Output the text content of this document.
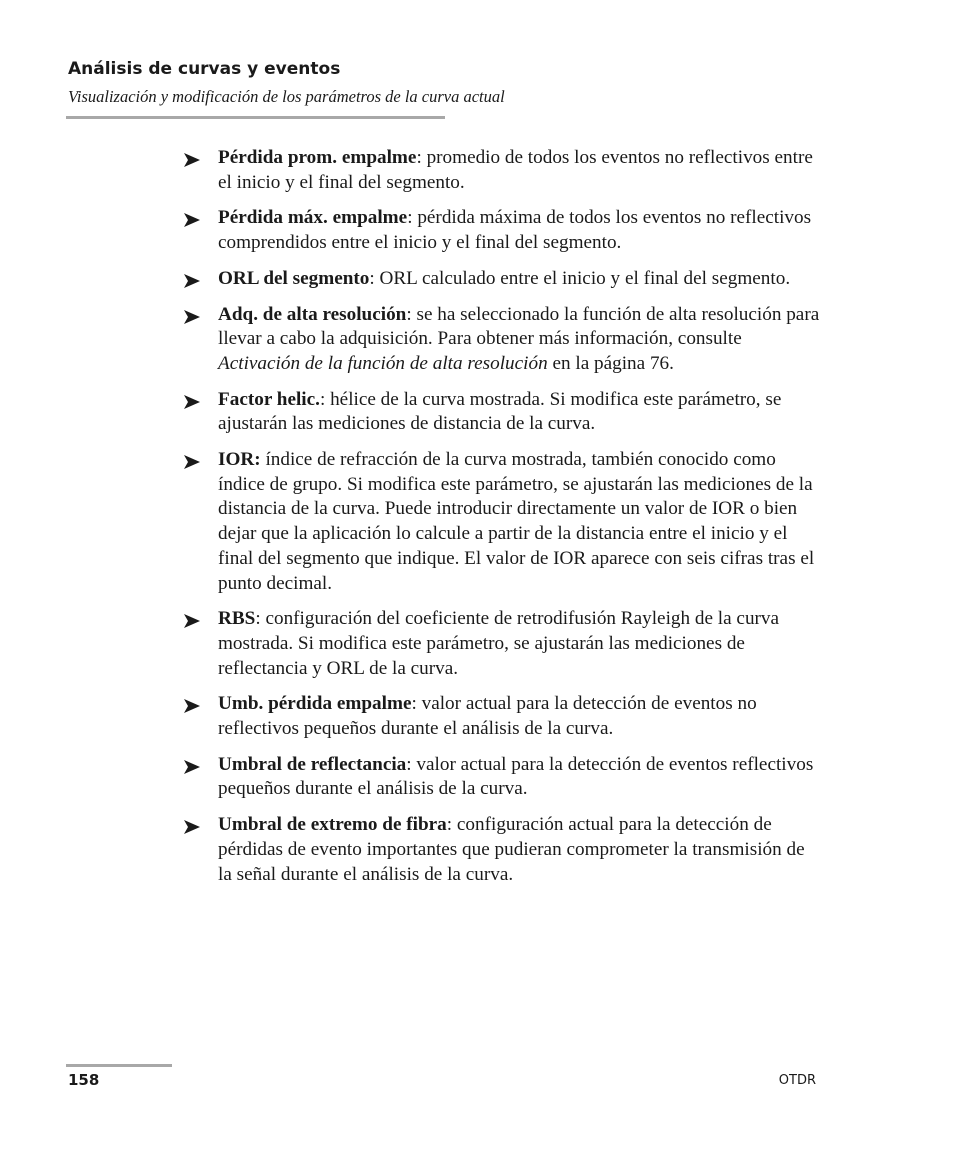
Análisis de curvas y eventos
Visualización y modificación de los parámetros de la curva actual
Pérdida prom. empalme: promedio de todos los eventos no reflectivos entre el inicio y el final del segmento.
Pérdida máx. empalme: pérdida máxima de todos los eventos no reflectivos comprendidos entre el inicio y el final del segmento.
ORL del segmento: ORL calculado entre el inicio y el final del segmento.
Adq. de alta resolución: se ha seleccionado la función de alta resolución para llevar a cabo la adquisición. Para obtener más información, consulte Activación de la función de alta resolución en la página 76.
Factor helic.: hélice de la curva mostrada. Si modifica este parámetro, se ajustarán las mediciones de distancia de la curva.
IOR: índice de refracción de la curva mostrada, también conocido como índice de grupo. Si modifica este parámetro, se ajustarán las mediciones de la distancia de la curva. Puede introducir directamente un valor de IOR o bien dejar que la aplicación lo calcule a partir de la distancia entre el inicio y el final del segmento que indique. El valor de IOR aparece con seis cifras tras el punto decimal.
RBS: configuración del coeficiente de retrodifusión Rayleigh de la curva mostrada. Si modifica este parámetro, se ajustarán las mediciones de reflectancia y ORL de la curva.
Umb. pérdida empalme: valor actual para la detección de eventos no reflectivos pequeños durante el análisis de la curva.
Umbral de reflectancia: valor actual para la detección de eventos reflectivos pequeños durante el análisis de la curva.
Umbral de extremo de fibra: configuración actual para la detección de pérdidas de evento importantes que pudieran comprometer la transmisión de la señal durante el análisis de la curva.
158	OTDR
